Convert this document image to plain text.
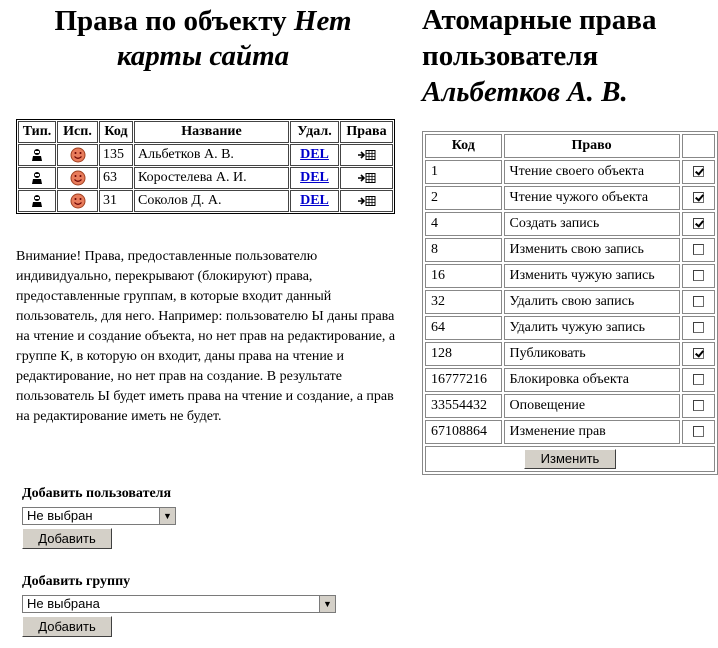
Права по объекту Нет карты сайта
Тип.	Исп.	Код	Название	Удал.	Права
		135	Альбетков А. В.	DEL	
		63	Коростелева А. И.	DEL	
		31	Соколов Д. А.	DEL	
Внимание! Права, предоставленные пользователю индивидуально, перекрывают (блокируют) права, предоставленные группам, в которые входит данный пользователь, для него. Например: пользователю Ы даны права на чтение и создание объекта, но нет прав на редактирование, а группе К, в которую он входит, даны права на чтение и редактирование, но нет прав на создание. В результате пользователь Ы будет иметь права на чтение и создание, а прав на редактирование иметь не будет.
Добавить пользователя
Не выбран	▼
Добавить
Добавить группу
Не выбрана	▼
Добавить
Атомарные права
пользователя
Альбетков А. В.
Код	Право	
1	Чтение своего объекта	
2	Чтение чужого объекта	
4	Создать запись	
8	Изменить свою запись	
16	Изменить чужую запись	
32	Удалить свою запись	
64	Удалить чужую запись	
128	Публиковать	
16777216	Блокировка объекта	
33554432	Оповещение	
67108864	Изменение прав	
Изменить		
